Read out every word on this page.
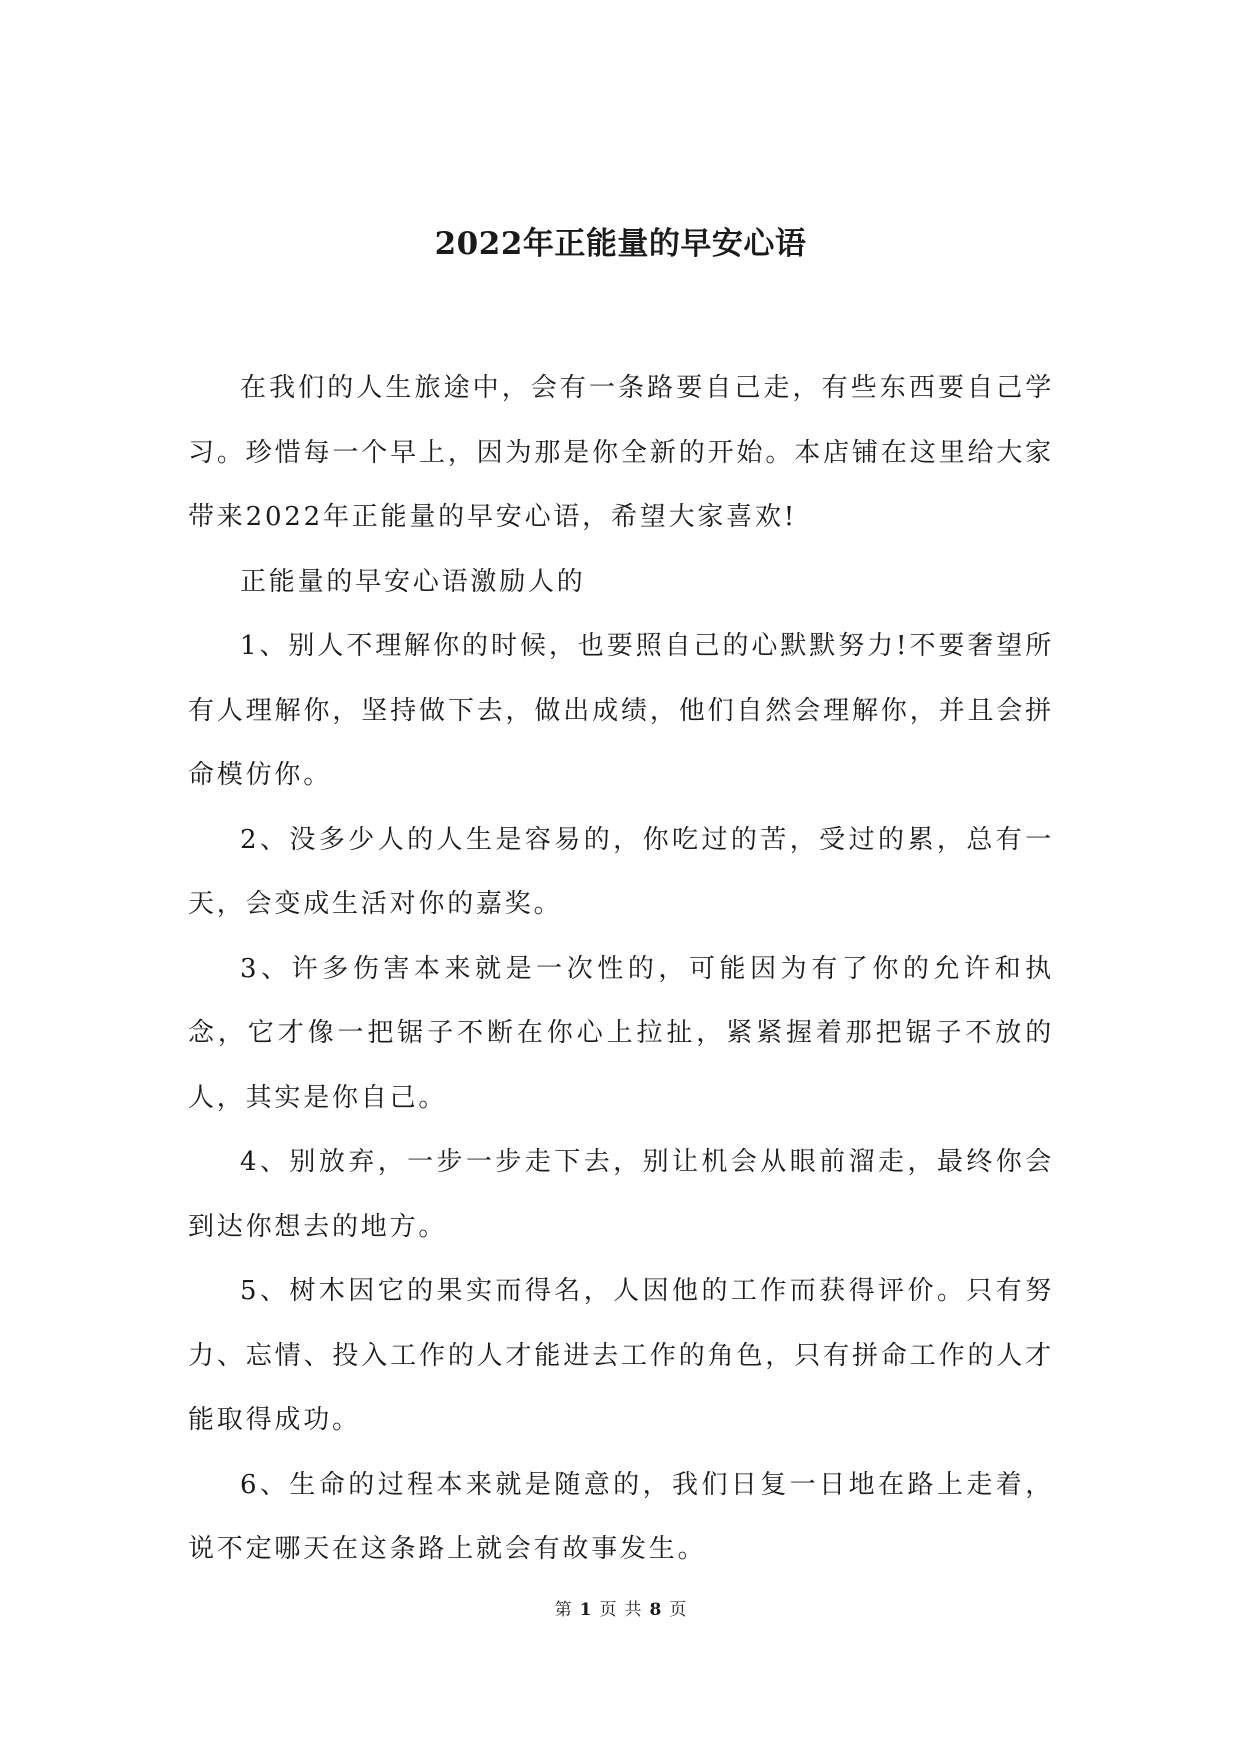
2022年正能量的早安心语

在我们的人生旅途中，会有一条路要自己走，有些东西要自己学习。珍惜每一个早上，因为那是你全新的开始。本店铺在这里给大家带来2022年正能量的早安心语，希望大家喜欢!

正能量的早安心语激励人的

1、别人不理解你的时候，也要照自己的心默默努力!不要奢望所有人理解你，坚持做下去，做出成绩，他们自然会理解你，并且会拼命模仿你。

2、没多少人的人生是容易的，你吃过的苦，受过的累，总有一天，会变成生活对你的嘉奖。

3、许多伤害本来就是一次性的，可能因为有了你的允许和执念，它才像一把锯子不断在你心上拉扯，紧紧握着那把锯子不放的人，其实是你自己。

4、别放弃，一步一步走下去，别让机会从眼前溜走，最终你会到达你想去的地方。

5、树木因它的果实而得名，人因他的工作而获得评价。只有努力、忘情、投入工作的人才能进去工作的角色，只有拼命工作的人才能取得成功。

6、生命的过程本来就是随意的，我们日复一日地在路上走着，说不定哪天在这条路上就会有故事发生。

第 1 页 共 8 页
